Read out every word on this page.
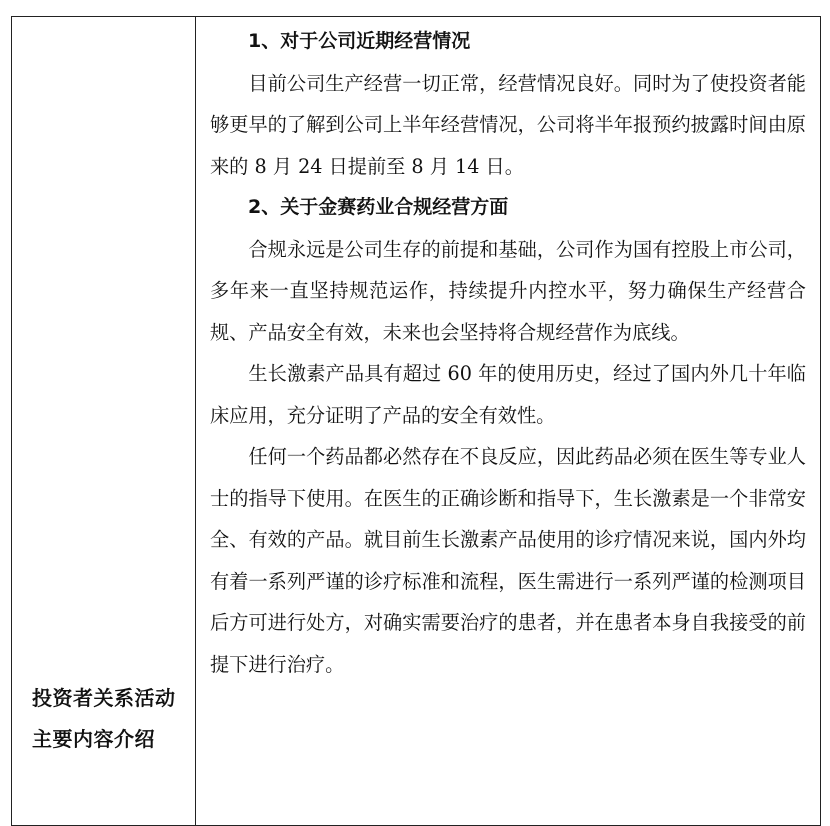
投资者关系活动
主要内容介绍

1、对于公司近期经营情况

目前公司生产经营一切正常，经营情况良好。同时为了使投资者能够更早的了解到公司上半年经营情况，公司将半年报预约披露时间由原来的 8 月 24 日提前至 8 月 14 日。

2、关于金赛药业合规经营方面

合规永远是公司生存的前提和基础，公司作为国有控股上市公司，多年来一直坚持规范运作，持续提升内控水平，努力确保生产经营合规、产品安全有效，未来也会坚持将合规经营作为底线。

生长激素产品具有超过 60 年的使用历史，经过了国内外几十年临床应用，充分证明了产品的安全有效性。

任何一个药品都必然存在不良反应，因此药品必须在医生等专业人士的指导下使用。在医生的正确诊断和指导下，生长激素是一个非常安全、有效的产品。就目前生长激素产品使用的诊疗情况来说，国内外均有着一系列严谨的诊疗标准和流程，医生需进行一系列严谨的检测项目后方可进行处方，对确实需要治疗的患者，并在患者本身自我接受的前提下进行治疗。
